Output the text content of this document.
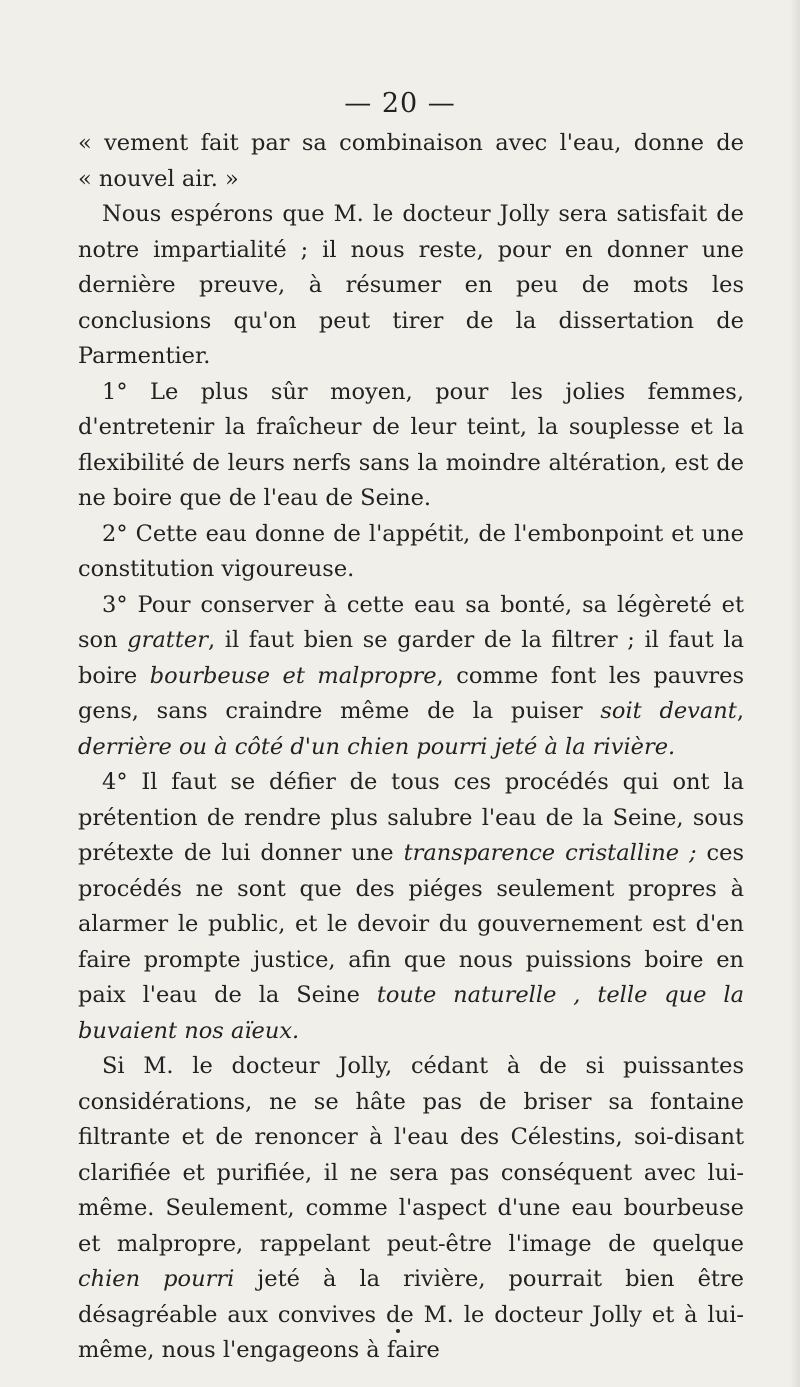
— 20 —

« vement fait par sa combinaison avec l'eau, donne de

« nouvel air. »

Nous espérons que M. le docteur Jolly sera satisfait de notre impartialité ; il nous reste, pour en donner une dernière preuve, à résumer en peu de mots les conclusions qu'on peut tirer de la dissertation de Parmentier.

1° Le plus sûr moyen, pour les jolies femmes, d'entretenir la fraîcheur de leur teint, la souplesse et la flexibilité de leurs nerfs sans la moindre altération, est de ne boire que de l'eau de Seine.

2° Cette eau donne de l'appétit, de l'embonpoint et une constitution vigoureuse.

3° Pour conserver à cette eau sa bonté, sa légèreté et son gratter, il faut bien se garder de la filtrer ; il faut la boire bourbeuse et malpropre, comme font les pauvres gens, sans craindre même de la puiser soit devant, derrière ou à côté d'un chien pourri jeté à la rivière.

4° Il faut se défier de tous ces procédés qui ont la prétention de rendre plus salubre l'eau de la Seine, sous prétexte de lui donner une transparence cristalline ; ces procédés ne sont que des piéges seulement propres à alarmer le public, et le devoir du gouvernement est d'en faire prompte justice, afin que nous puissions boire en paix l'eau de la Seine toute naturelle , telle que la buvaient nos aïeux.

Si M. le docteur Jolly, cédant à de si puissantes considérations, ne se hâte pas de briser sa fontaine filtrante et de renoncer à l'eau des Célestins, soi-disant clarifiée et purifiée, il ne sera pas conséquent avec lui-même. Seulement, comme l'aspect d'une eau bourbeuse et malpropre, rappelant peut-être l'image de quelque chien pourri jeté à la rivière, pourrait bien être désagréable aux convives de M. le docteur Jolly et à lui-même, nous l'engageons à faire
